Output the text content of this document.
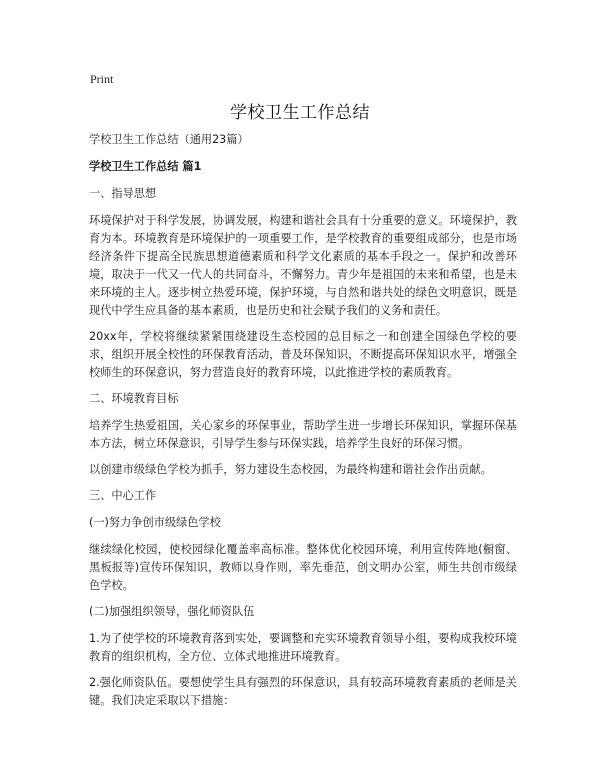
Print
学校卫生工作总结

学校卫生工作总结（通用23篇）

学校卫生工作总结 篇1

一、指导思想

环境保护对于科学发展，协调发展，构建和谐社会具有十分重要的意义。环境保护，教育为本。环境教育是环境保护的一项重要工作，是学校教育的重要组成部分，也是市场经济条件下提高全民族思想道德素质和科学文化素质的基本手段之一。保护和改善环境，取决于一代又一代人的共同奋斗，不懈努力。青少年是祖国的未来和希望，也是未来环境的主人。逐步树立热爱环境，保护环境，与自然和谐共处的绿色文明意识，既是现代中学生应具备的基本素质，也是历史和社会赋予我们的义务和责任。

20xx年，学校将继续紧紧围绕建设生态校园的总目标之一和创建全国绿色学校的要求，组织开展全校性的环保教育活动，普及环保知识，不断提高环保知识水平，增强全校师生的环保意识，努力营造良好的教育环境，以此推进学校的素质教育。

二、环境教育目标

培养学生热爱祖国，关心家乡的环保事业，帮助学生进一步增长环保知识，掌握环保基本方法，树立环保意识，引导学生参与环保实践，培养学生良好的环保习惯。

以创建市级绿色学校为抓手，努力建设生态校园，为最终构建和谐社会作出贡献。

三、中心工作

(一)努力争创市级绿色学校

继续绿化校园，使校园绿化覆盖率高标准。整体优化校园环境，利用宣传阵地(橱窗、黑板报等)宣传环保知识，教师以身作则，率先垂范，创文明办公室，师生共创市级绿色学校。

(二)加强组织领导，强化师资队伍

1.为了使学校的环境教育落到实处，要调整和充实环境教育领导小组，要构成我校环境教育的组织机构，全方位、立体式地推进环境教育。

2.强化师资队伍。要想使学生具有强烈的环保意识，具有较高环境教育素质的老师是关键。我们决定采取以下措施：
